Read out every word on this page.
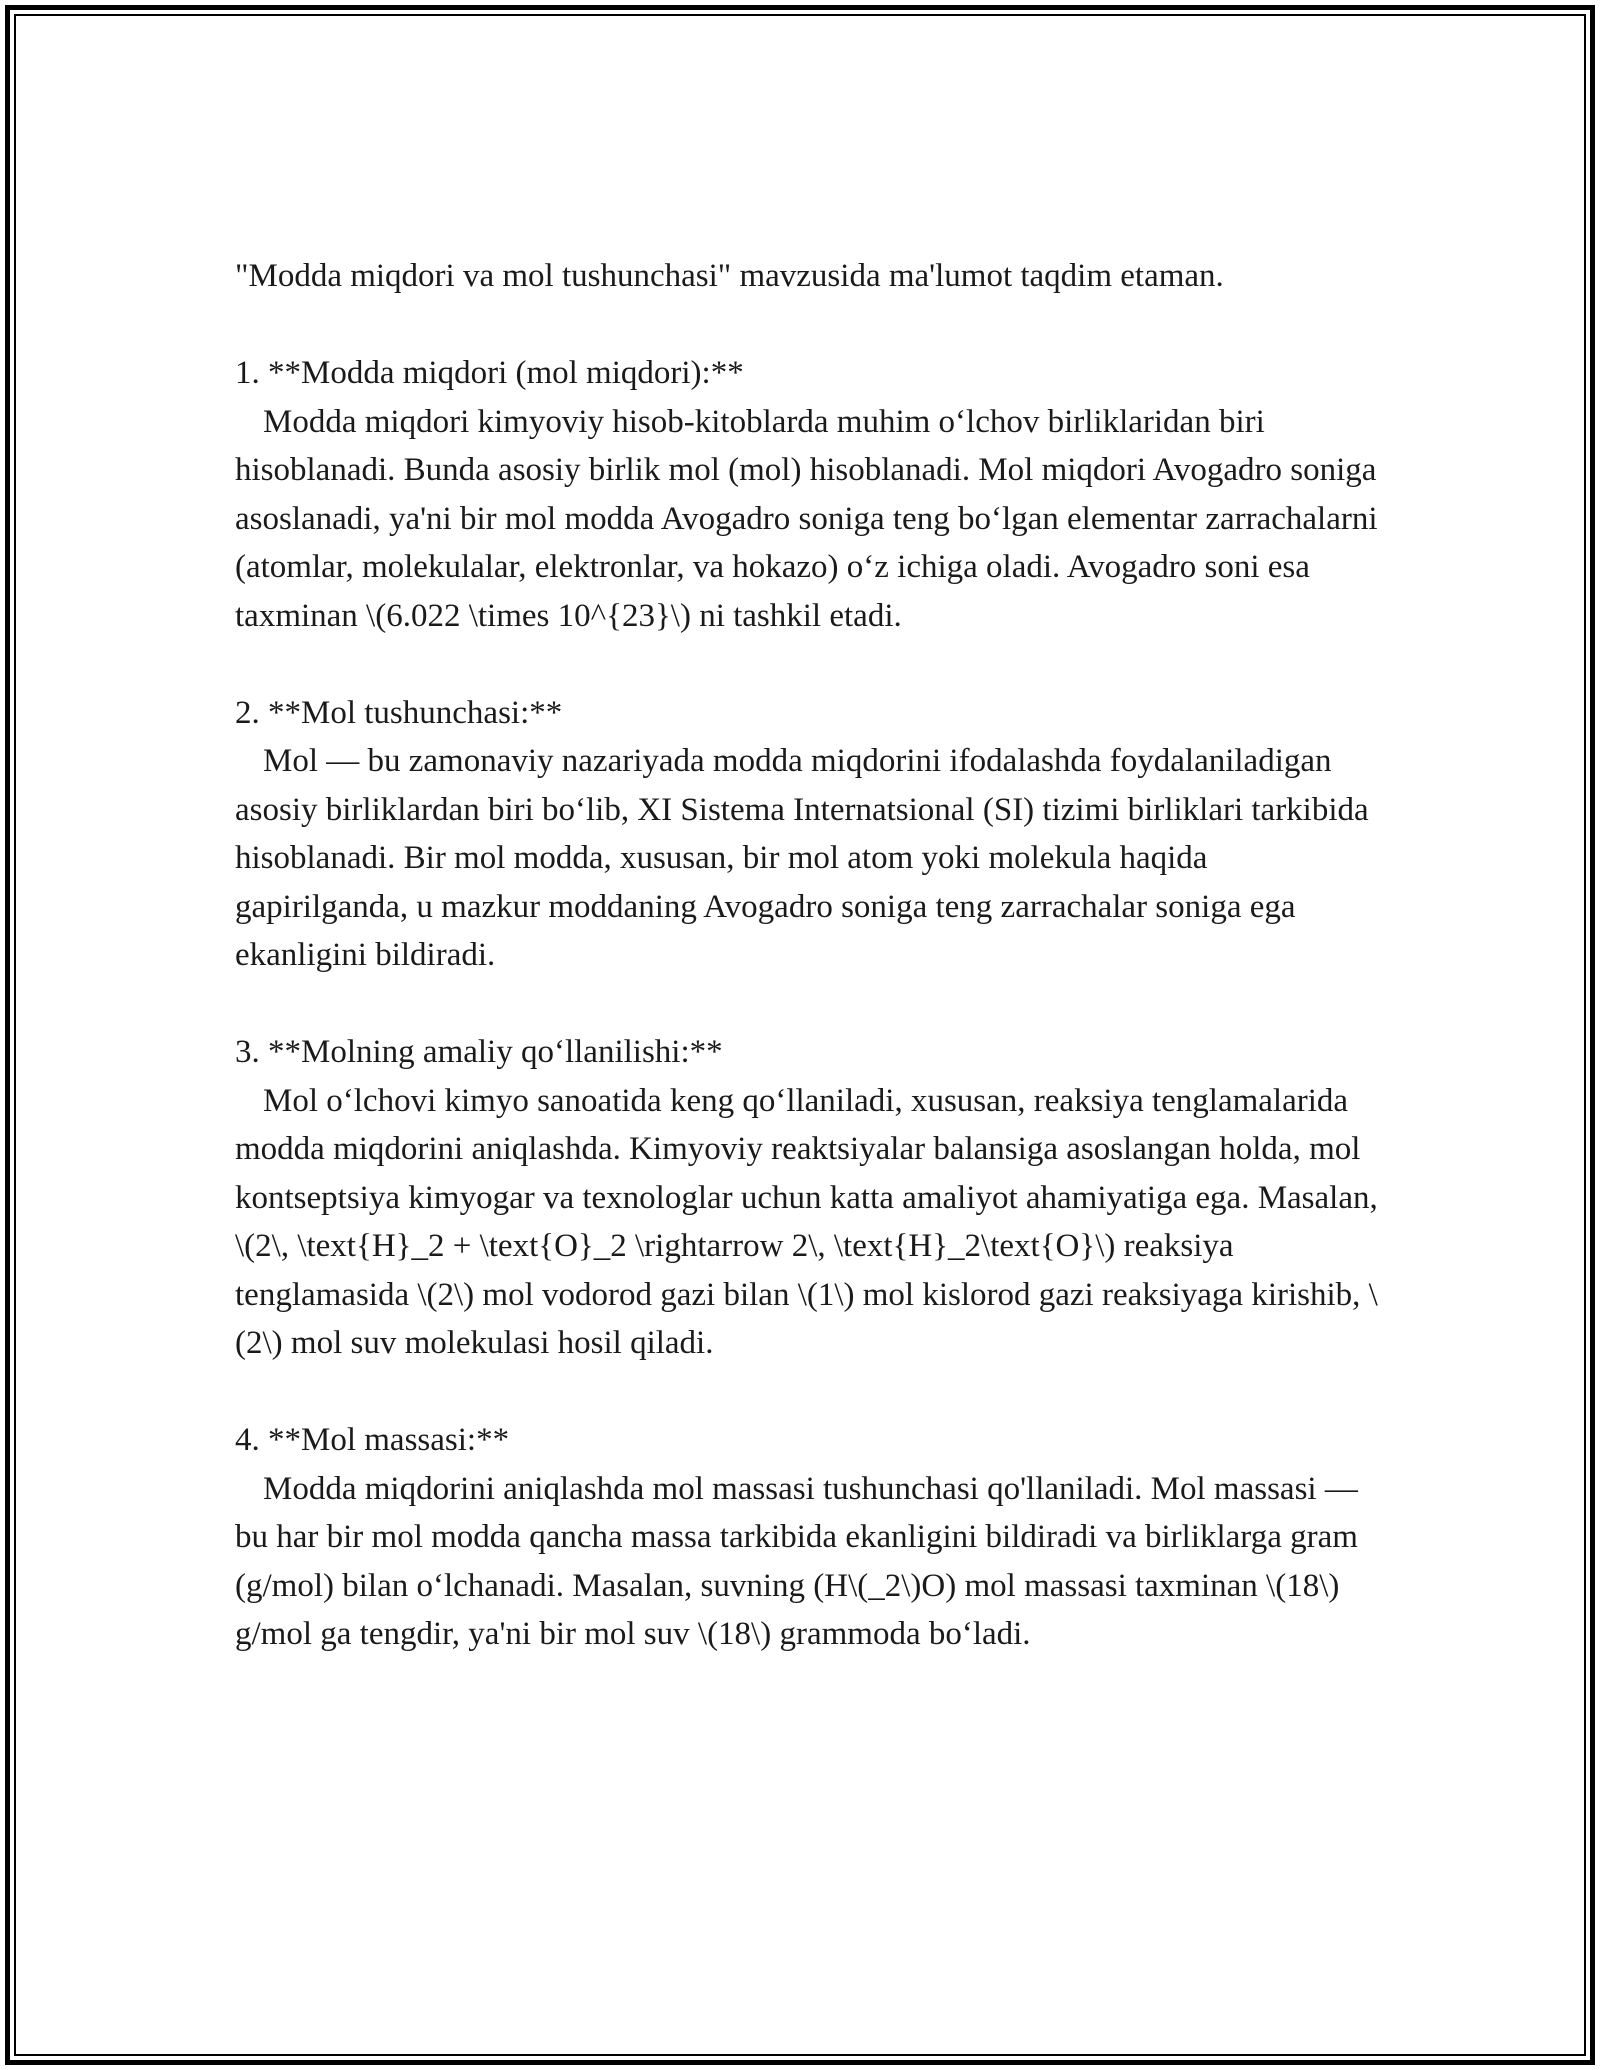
"Modda miqdori va mol tushunchasi" mavzusida ma'lumot taqdim etaman.

1. **Modda miqdori (mol miqdori):**

Modda miqdori kimyoviy hisob-kitoblarda muhim oʻlchov birliklaridan biri hisoblanadi. Bunda asosiy birlik mol (mol) hisoblanadi. Mol miqdori Avogadro soniga asoslanadi, ya'ni bir mol modda Avogadro soniga teng boʻlgan elementar zarrachalarni (atomlar, molekulalar, elektronlar, va hokazo) oʻz ichiga oladi. Avogadro soni esa taxminan \(6.022 \times 10^{23}\) ni tashkil etadi.

2. **Mol tushunchasi:**

Mol — bu zamonaviy nazariyada modda miqdorini ifodalashda foydalaniladigan asosiy birliklardan biri boʻlib, XI Sistema Internatsional (SI) tizimi birliklari tarkibida hisoblanadi. Bir mol modda, xususan, bir mol atom yoki molekula haqida gapirilganda, u mazkur moddaning Avogadro soniga teng zarrachalar soniga ega ekanligini bildiradi.

3. **Molning amaliy qoʻllanilishi:**

Mol oʻlchovi kimyo sanoatida keng qoʻllaniladi, xususan, reaksiya tenglamalarida modda miqdorini aniqlashda. Kimyoviy reaktsiyalar balansiga asoslangan holda, mol kontseptsiya kimyogar va texnologlar uchun katta amaliyot ahamiyatiga ega. Masalan, \(2\, \text{H}_2 + \text{O}_2 \rightarrow 2\, \text{H}_2\text{O}\) reaksiya tenglamasida \(2\) mol vodorod gazi bilan \(1\) mol kislorod gazi reaksiyaga kirishib, \(2\) mol suv molekulasi hosil qiladi.

4. **Mol massasi:**

Modda miqdorini aniqlashda mol massasi tushunchasi qo'llaniladi. Mol massasi — bu har bir mol modda qancha massa tarkibida ekanligini bildiradi va birliklarga gram (g/mol) bilan oʻlchanadi. Masalan, suvning (H\(_2\)O) mol massasi taxminan \(18\) g/mol ga tengdir, ya'ni bir mol suv \(18\) grammoda boʻladi.
